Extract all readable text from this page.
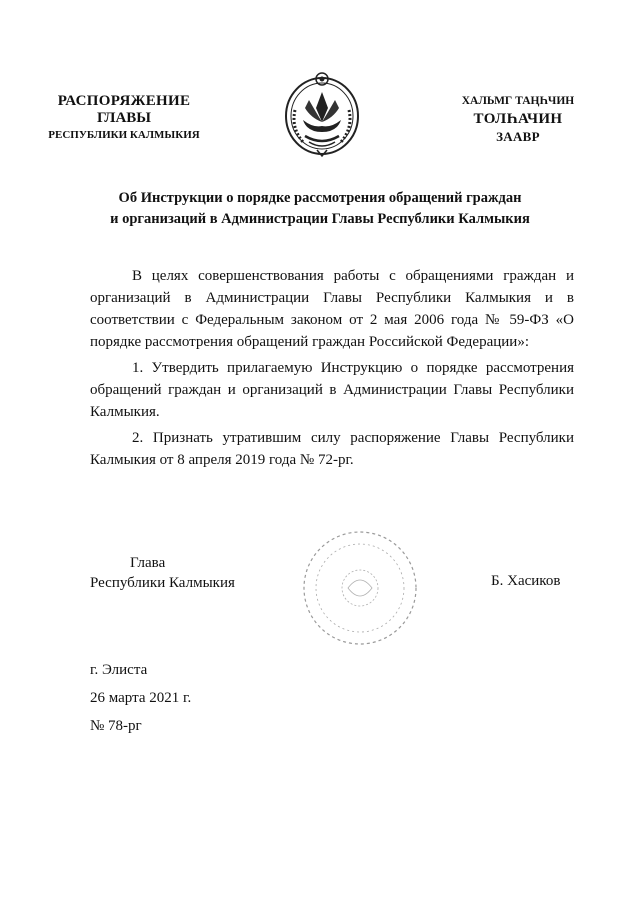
РАСПОРЯЖЕНИЕ
ГЛАВЫ
РЕСПУБЛИКИ КАЛМЫКИЯ
ХАЛЬМГ ТАҢҺЧИН
ТОЛҺАЧИН
ЗААВР
Об Инструкции о порядке рассмотрения обращений граждан
и организаций в Администрации Главы Республики Калмыкия

В целях совершенствования работы с обращениями граждан и организаций в Администрации Главы Республики Калмыкия и в соответствии с Федеральным законом от 2 мая 2006 года № 59-ФЗ «О порядке рассмотрения обращений граждан Российской Федерации»:

1. Утвердить прилагаемую Инструкцию о порядке рассмотрения обращений граждан и организаций в Администрации Главы Республики Калмыкия.

2. Признать утратившим силу распоряжение Главы Республики Калмыкия от 8 апреля 2019 года № 72-рг.

Глава
Республики Калмыкия	Б. Хасиков
г. Элиста
26 марта 2021 г.
№ 78-рг
